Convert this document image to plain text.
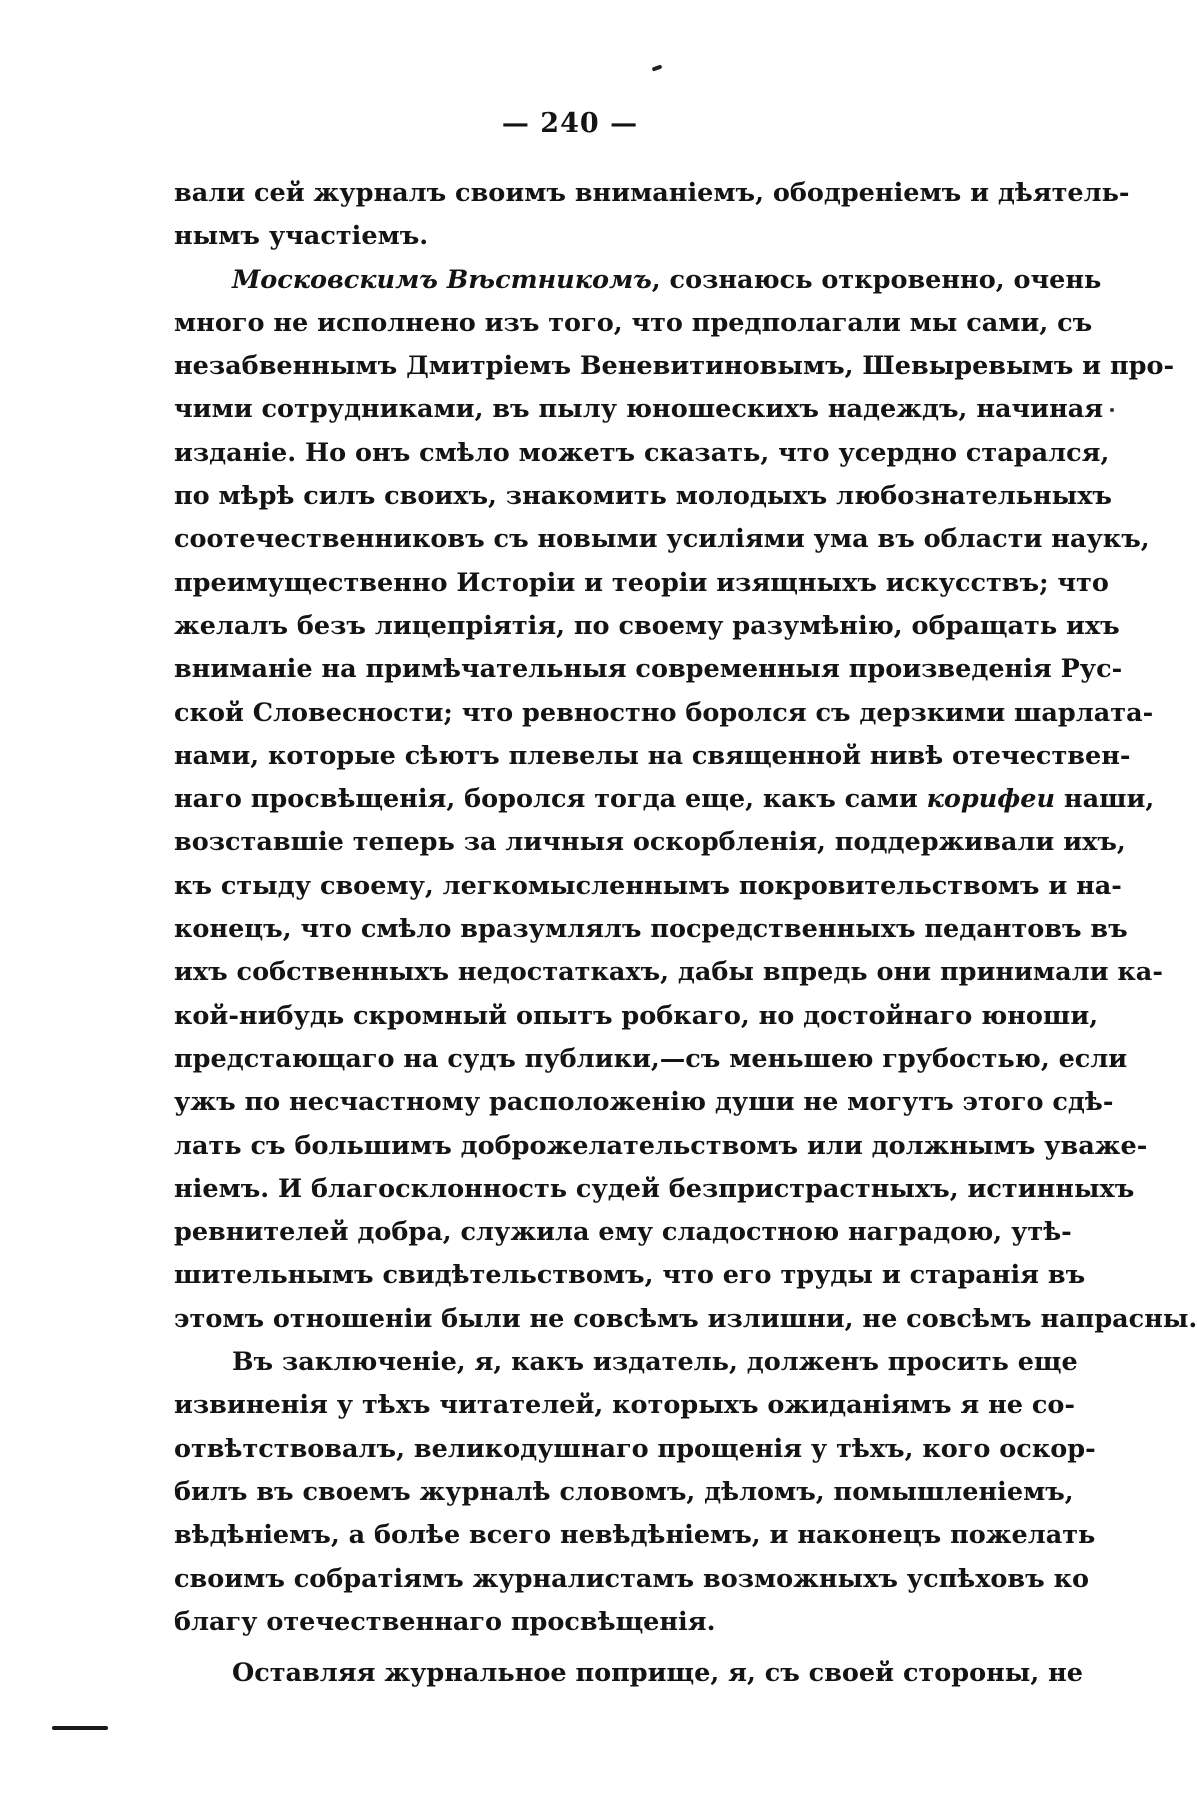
— 240 —
вали сей журналъ своимъ вниманіемъ, ободреніемъ и дѣятель-
нымъ участіемъ.
Московскимъ Вѣстникомъ, сознаюсь откровенно, очень
много не исполнено изъ того, что предполагали мы сами, съ
незабвеннымъ Дмитріемъ Веневитиновымъ, Шевыревымъ и про-
чими сотрудниками, въ пылу юношескихъ надеждъ, начиная
изданіе. Но онъ смѣло можетъ сказать, что усердно старался,
по мѣрѣ силъ своихъ, знакомить молодыхъ любознательныхъ
соотечественниковъ съ новыми усиліями ума въ области наукъ,
преимущественно Исторіи и теоріи изящныхъ искусствъ; что
желалъ безъ лицепріятія, по своему разумѣнію, обращать ихъ
вниманіе на примѣчательныя современныя произведенія Рус-
ской Словесности; что ревностно боролся съ дерзкими шарлата-
нами, которые сѣютъ плевелы на священной нивѣ отечествен-
наго просвѣщенія, боролся тогда еще, какъ сами корифеи наши,
возставшіе теперь за личныя оскорбленія, поддерживали ихъ,
къ стыду своему, легкомысленнымъ покровительствомъ и на-
конецъ, что смѣло вразумлялъ посредственныхъ педантовъ въ
ихъ собственныхъ недостаткахъ, дабы впредь они принимали ка-
кой-нибудь скромный опытъ робкаго, но достойнаго юноши,
предстающаго на судъ публики,—съ меньшею грубостью, если
ужъ по несчастному расположенію души не могутъ этого сдѣ-
лать съ большимъ доброжелательствомъ или должнымъ уваже-
ніемъ. И благосклонность судей безпристрастныхъ, истинныхъ
ревнителей добра, служила ему сладостною наградою, утѣ-
шительнымъ свидѣтельствомъ, что его труды и старанія въ
этомъ отношеніи были не совсѣмъ излишни, не совсѣмъ напрасны.
Въ заключеніе, я, какъ издатель, долженъ просить еще
извиненія у тѣхъ читателей, которыхъ ожиданіямъ я не со-
отвѣтствовалъ, великодушнаго прощенія у тѣхъ, кого оскор-
билъ въ своемъ журналѣ словомъ, дѣломъ, помышленіемъ,
вѣдѣніемъ, а болѣе всего невѣдѣніемъ, и наконецъ пожелать
своимъ собратіямъ журналистамъ возможныхъ успѣховъ ко
благу отечественнаго просвѣщенія.
Оставляя журнальное поприще, я, съ своей стороны, не
